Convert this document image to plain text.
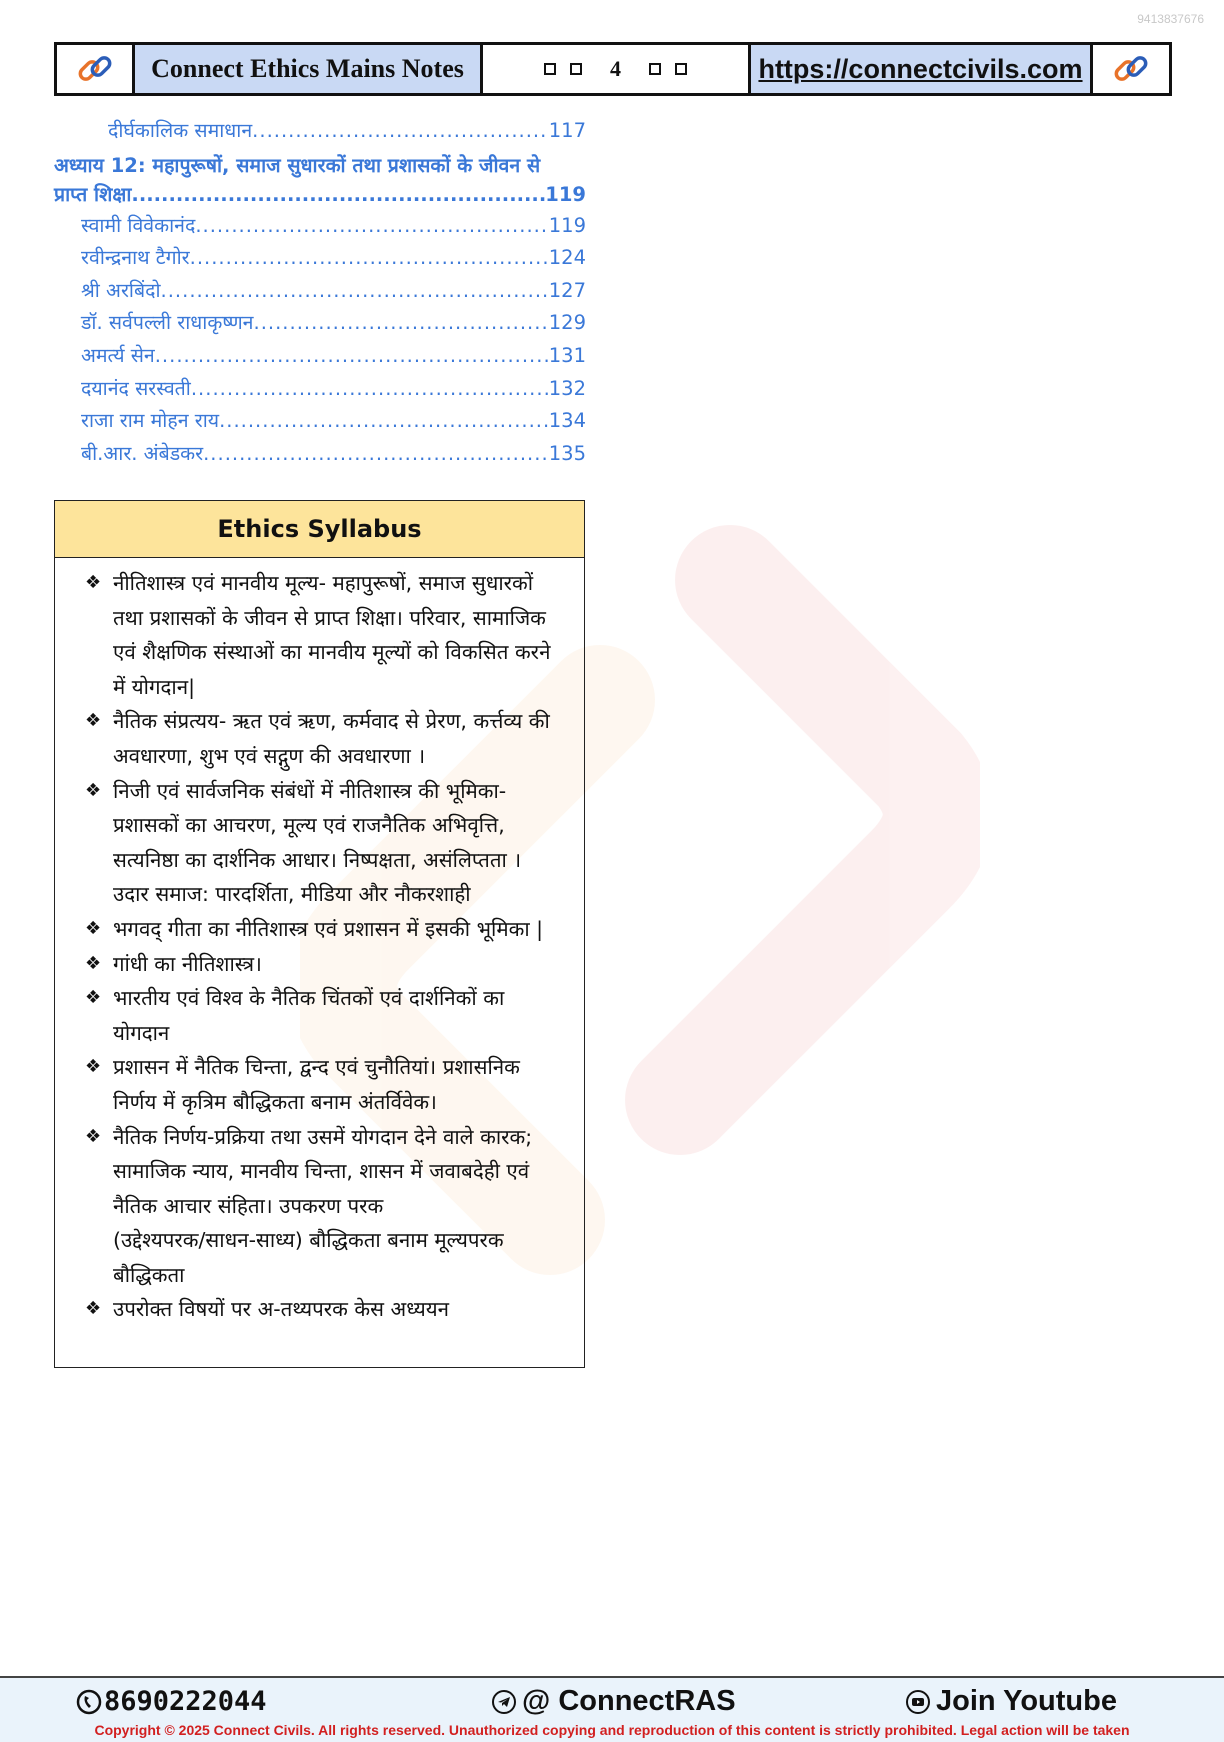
9413837676
Connect Ethics Mains Notes	4	https://connectcivils.com
दीर्घकालिक समाधान .....	117
अध्याय 12: महापुरूषों, समाज सुधारकों तथा प्रशासकों के जीवन से
प्राप्त शिक्षा .....	119
स्वामी विवेकानंद .....	119
रवीन्द्रनाथ टैगोर .....	124
श्री अरबिंदो .....	127
डॉ. सर्वपल्ली राधाकृष्णन .....	129
अमर्त्य सेन .....	131
दयानंद सरस्वती .....	132
राजा राम मोहन राय .....	134
बी.आर. अंबेडकर .....	135
Ethics Syllabus
❖ नीतिशास्त्र एवं मानवीय मूल्य- महापुरूषों, समाज सुधारकों
तथा प्रशासकों के जीवन से प्राप्त शिक्षा। परिवार, सामाजिक
एवं शैक्षणिक संस्थाओं का मानवीय मूल्यों को विकसित करने
में योगदान|
❖ नैतिक संप्रत्यय- ऋत एवं ऋण, कर्मवाद से प्रेरण, कर्त्तव्य की
अवधारणा, शुभ एवं सद्गुण की अवधारणा ।
❖ निजी एवं सार्वजनिक संबंधों में नीतिशास्त्र की भूमिका-
प्रशासकों का आचरण, मूल्य एवं राजनैतिक अभिवृत्ति,
सत्यनिष्ठा का दार्शनिक आधार। निष्पक्षता, असंलिप्तता ।
उदार समाज: पारदर्शिता, मीडिया और नौकरशाही
❖ भगवद् गीता का नीतिशास्त्र एवं प्रशासन में इसकी भूमिका |
❖ गांधी का नीतिशास्त्र।
❖ भारतीय एवं विश्व के नैतिक चिंतकों एवं दार्शनिकों का
योगदान
❖ प्रशासन में नैतिक चिन्ता, द्वन्द एवं चुनौतियां। प्रशासनिक
निर्णय में कृत्रिम बौद्धिकता बनाम अंतर्विवेक।
❖ नैतिक निर्णय-प्रक्रिया तथा उसमें योगदान देने वाले कारक;
सामाजिक न्याय, मानवीय चिन्ता, शासन में जवाबदेही एवं
नैतिक आचार संहिता। उपकरण परक
(उद्देश्यपरक/साधन-साध्य) बौद्धिकता बनाम मूल्यपरक
बौद्धिकता
❖ उपरोक्त विषयों पर अ-तथ्यपरक केस अध्ययन
8690222044	@ ConnectRAS	Join Youtube
Copyright © 2025 Connect Civils. All rights reserved. Unauthorized copying and reproduction of this content is strictly prohibited. Legal action will be taken
